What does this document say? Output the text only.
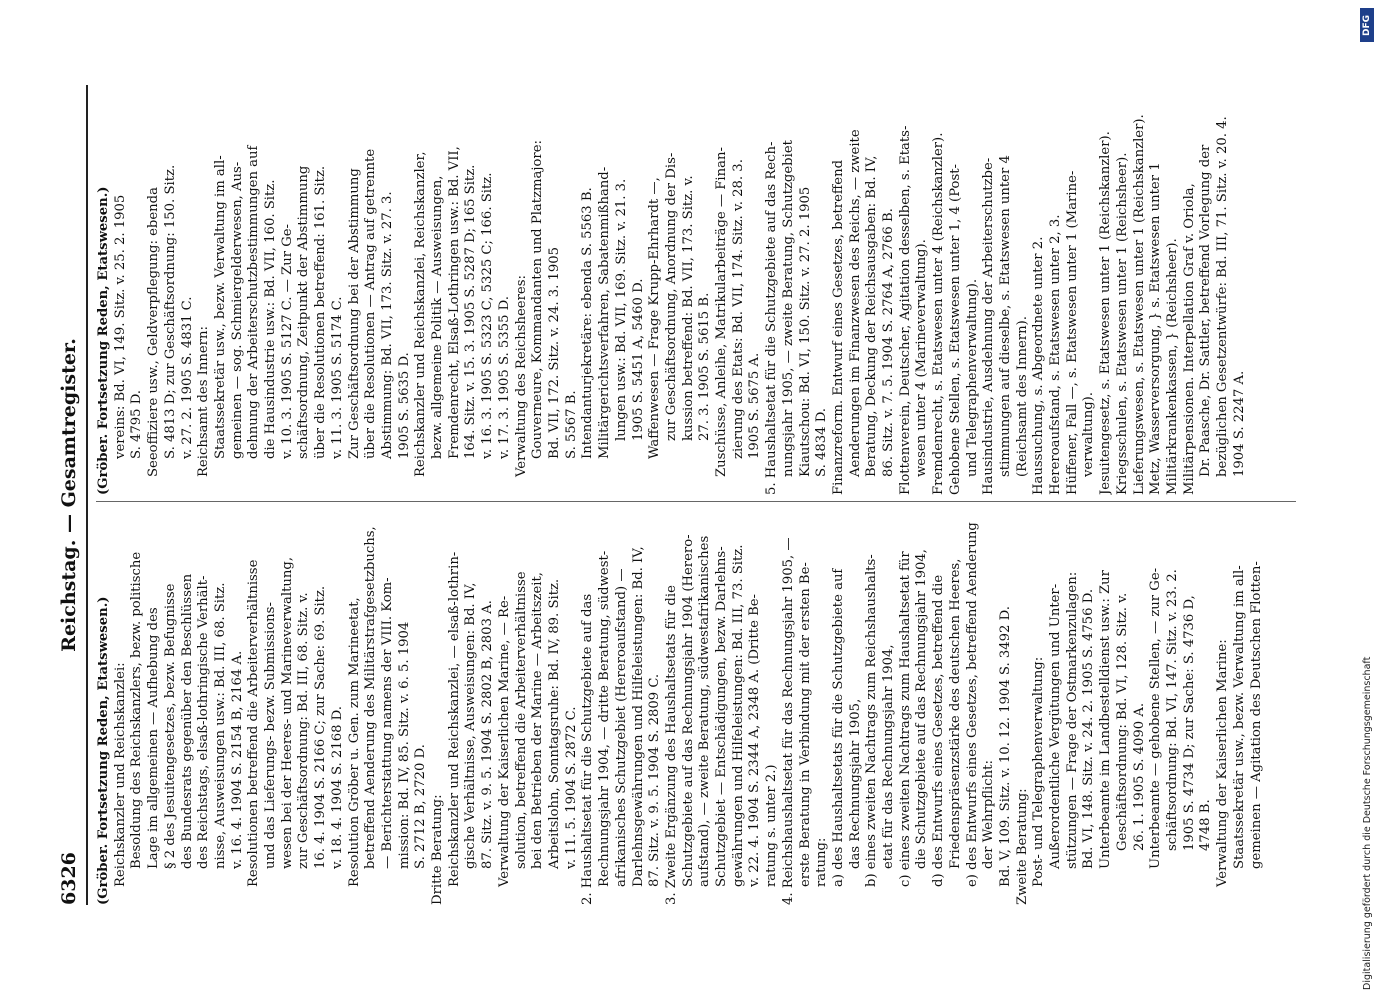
6326
Reichstag. — Gesamtregister.
(Gröber. Fortsetzung Reden, Etatswesen.) Reichskanzler und Reichskanzlei: Besoldung des Reichskanzlers, bezw. politische Lage im allgemeinen — Aufhebung des § 2 des Jesuitengesetzes, bezw. Befugnisse des Bundesrats gegenüber den Beschlüssen des Reichstags, elsaß-lothringische Verhält- nisse, Ausweisungen usw.: Bd. III, 68. Sitz. v. 16. 4. 1904 S. 2154 B, 2164 A. Resolutionen betreffend die Arbeiterverhältnisse und das Lieferungs- bezw. Submissions- wesen bei der Heeres- und Marineverwaltung, zur Geschäftsordnung: Bd. III, 68. Sitz. v. 16. 4. 1904 S. 2166 C; zur Sache: 69. Sitz. v. 18. 4. 1904 S. 2168 D. Resolution Gröber u. Gen. zum Marineetat, betreffend Aenderung des Militärstrafgesetzbuchs, — Berichterstattung namens der VIII. Kom- mission: Bd. IV, 85. Sitz. v. 6. 5. 1904 S. 2712 B, 2720 D. Dritte Beratung: Reichskanzler und Reichskanzlei, — elsaß-lothrin- gische Verhältnisse, Ausweisungen: Bd. IV, 87. Sitz. v. 9. 5. 1904 S. 2802 B, 2803 A. Verwaltung der Kaiserlichen Marine, — Re- solution, betreffend die Arbeiterverhältnisse bei den Betrieben der Marine — Arbeitszeit, Arbeitslohn, Sonntagsruhe: Bd. IV, 89. Sitz. v. 11. 5. 1904 S. 2872 C. 2. Haushaltsetat für die Schutzgebiete auf das Rechnungsjahr 1904, — dritte Beratung, südwest- afrikanisches Schutzgebiet (Hereroaufstand) — Darlehnsgewährungen und Hilfeleistungen: Bd. IV, 87. Sitz. v. 9. 5. 1904 S. 2809 C. 3. Zweite Ergänzung des Haushaltsetats für die Schutzgebiete auf das Rechnungsjahr 1904 (Herero- aufstand), — zweite Beratung, südwestafrikanisches Schutzgebiet — Entschädigungen, bezw. Darlehns- gewährungen und Hilfeleistungen: Bd. III, 73. Sitz. v. 22. 4. 1904 S. 2344 A, 2348 A. (Dritte Be- ratung s. unter 2.) 4. Reichshaushaltsetat für das Rechnungsjahr 1905, — erste Beratung in Verbindung mit der ersten Be- ratung: a) des Haushaltsetats für die Schutzgebiete auf das Rechnungsjahr 1905, b) eines zweiten Nachtrags zum Reichshaushalts- etat für das Rechnungsjahr 1904, c) eines zweiten Nachtrags zum Haushaltsetat für die Schutzgebiete auf das Rechnungsjahr 1904, d) des Entwurfs eines Gesetzes, betreffend die Friedenspräsenzstärke des deutschen Heeres, e) des Entwurfs eines Gesetzes, betreffend Aenderung der Wehrpflicht: Bd. V, 109. Sitz. v. 10. 12. 1904 S. 3492 D. Zweite Beratung: Post- und Telegraphenverwaltung: Außerordentliche Vergütungen und Unter- stützungen — Frage der Ostmarkenzulagen: Bd. VI, 148. Sitz. v. 24. 2. 1905 S. 4756 D. Unterbeamte im Landbestelldienst usw.: Zur Geschäftsordnung: Bd. VI, 128. Sitz. v. 26. 1. 1905 S. 4090 A. Unterbeamte — gehobene Stellen, — zur Ge- schäftsordnung: Bd. VI, 147. Sitz. v. 23. 2. 1905 S. 4734 D; zur Sache: S. 4736 D, 4748 B. Verwaltung der Kaiserlichen Marine: Staatssekretär usw., bezw. Verwaltung im all- gemeinen — Agitation des Deutschen Flotten-
(Gröber. Fortsetzung Reden, Etatswesen.) vereins: Bd. VI, 149. Sitz. v. 25. 2. 1905 S. 4795 D. Seeoffiziere usw., Geldverpflegung: ebenda S. 4813 D; zur Geschäftsordnung: 150. Sitz. v. 27. 2. 1905 S. 4831 C. Reichsamt des Innern: Staatssekretär usw., bezw. Verwaltung im all- gemeinen — sog. Schmiergelderwesen, Aus- dehnung der Arbeiterschutzbestimmungen auf die Hausindustrie usw.: Bd. VII, 160. Sitz. v. 10. 3. 1905 S. 5127 C. — Zur Ge- schäftsordnung, Zeitpunkt der Abstimmung über die Resolutionen betreffend: 161. Sitz. v. 11. 3. 1905 S. 5174 C. Zur Geschäftsordnung bei der Abstimmung über die Resolutionen — Antrag auf getrennte Abstimmung: Bd. VII, 173. Sitz. v. 27. 3. 1905 S. 5635 D. Reichskanzler und Reichskanzlei, Reichskanzler, bezw. allgemeine Politik — Ausweisungen, Fremdenrecht, Elsaß-Lothringen usw.: Bd. VII, 164. Sitz. v. 15. 3. 1905 S. 5287 D; 165 Sitz. v. 16. 3. 1905 S. 5323 C, 5325 C; 166. Sitz. v. 17. 3. 1905 S. 5355 D. Verwaltung des Reichsheeres: Gouverneure, Kommandanten und Platzmajore: Bd. VII, 172. Sitz. v. 24. 3. 1905 S. 5567 B. Intendanturjekretäre: ebenda S. 5563 B. Militärgerichtsverfahren, Sabatenmißhand- lungen usw.: Bd. VII, 169. Sitz. v. 21. 3. 1905 S. 5451 A, 5460 D. Waffenwesen — Frage Krupp-Ehrhardt —, zur Geschäftsordnung, Anordnung der Dis- kussion betreffend: Bd. VII, 173. Sitz. v. 27. 3. 1905 S. 5615 B. Zuschüsse, Anleihe, Matrikularbeiträge — Finan- zierung des Etats: Bd. VII, 174. Sitz. v. 28. 3. 1905 S. 5675 A. 5. Haushaltsetat für die Schutzgebiete auf das Rech- nungsjahr 1905, — zweite Beratung, Schutzgebiet Kiautschou: Bd. VI, 150. Sitz. v. 27. 2. 1905 S. 4834 D. Finanzreform. Entwurf eines Gesetzes, betreffend Aenderungen im Finanzwesen des Reichs, — zweite Beratung, Deckung der Reichsausgaben: Bd. IV, 86. Sitz. v. 7. 5. 1904 S. 2764 A, 2766 B. Flottenverein, Deutscher, Agitation desselben, s. Etats- wesen unter 4 (Marineverwaltung). Fremdenrecht, s. Etatswesen unter 4 (Reichskanzler). Gehobene Stellen, s. Etatswesen unter 1, 4 (Post- und Telegraphenverwaltung). Hausindustrie, Ausdehnung der Arbeiterschutzbe- stimmungen auf dieselbe, s. Etatswesen unter 4 (Reichsamt des Innern). Haussuchung, s. Abgeordnete unter 2. Hereroaufstand, s. Etatswesen unter 2, 3. Hüffener, Fall —, s. Etatswesen unter 1 (Marine- verwaltung). Jesuitengesetz, s. Etatswesen unter 1 (Reichskanzler). Kriegsschulen, s. Etatswesen unter 1 (Reichsheer). Lieferungswesen, s. Etatswesen unter 1 (Reichskanzler). Metz, Wasserversorgung, } s. Etatswesen unter 1 Militärkrankenkassen, } (Reichsheer). Militärpensionen. Interpellation Graf v. Oriola, Dr. Paasche, Dr. Sattler, betreffend Vorlegung der bezüglichen Gesetzentwürfe: Bd. III, 71. Sitz. v. 20. 4. 1904 S. 2247 A.
DFG
Digitalisierung gefördert durch die Deutsche Forschungsgemeinschaft
